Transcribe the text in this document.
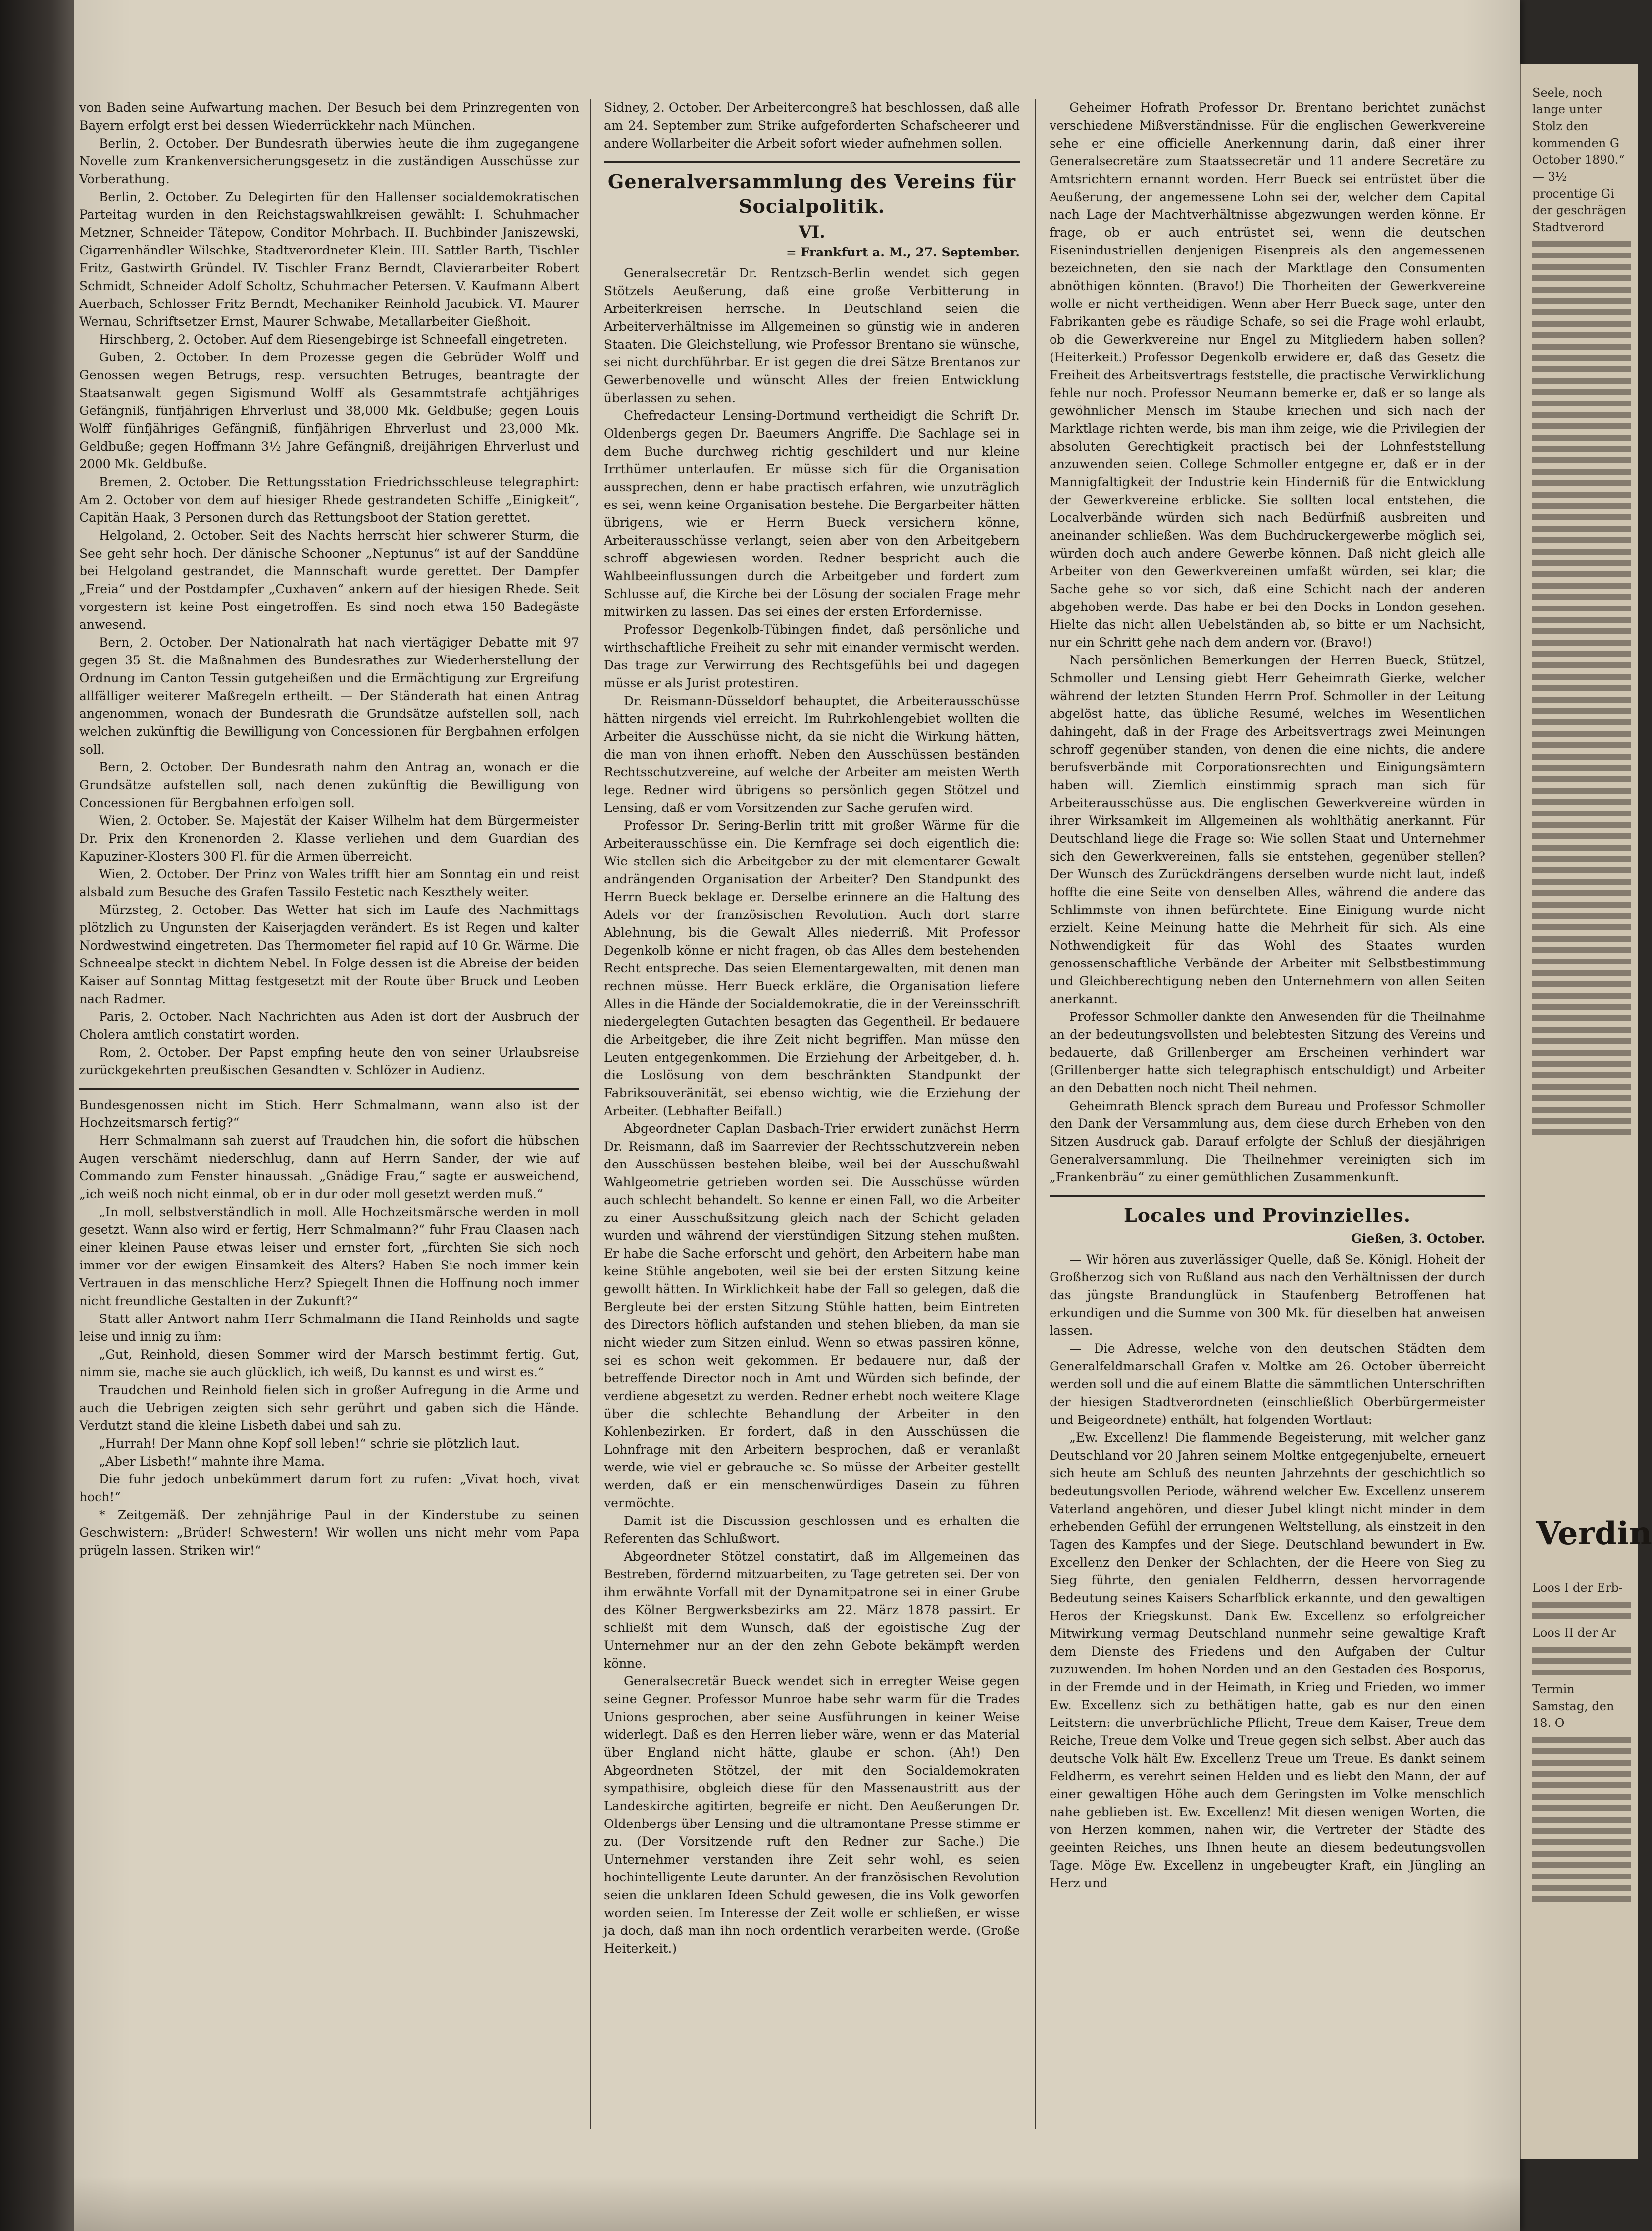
von Baden seine Aufwartung machen. Der Besuch bei dem Prinzregenten von Bayern erfolgt erst bei dessen Wiederrückkehr nach München.

Berlin, 2. October. Der Bundesrath überwies heute die ihm zugegangene Novelle zum Krankenversicherungsgesetz in die zuständigen Ausschüsse zur Vorberathung.

Berlin, 2. October. Zu Delegirten für den Hallenser socialdemokratischen Parteitag wurden in den Reichstagswahlkreisen gewählt: I. Schuhmacher Metzner, Schneider Tätерow, Conditor Mohrbach. II. Buchbinder Janiszewski, Cigarrenhändler Wilschke, Stadtverordneter Klein. III. Sattler Barth, Tischler Fritz, Gastwirth Gründel. IV. Tischler Franz Berndt, Clavierarbeiter Robert Schmidt, Schneider Adolf Scholtz, Schuhmacher Petersen. V. Kaufmann Albert Auerbach, Schlosser Fritz Berndt, Mechaniker Reinhold Jacubick. VI. Maurer Wernau, Schriftsetzer Ernst, Maurer Schwabe, Metallarbeiter Gießhoit.

Hirschberg, 2. October. Auf dem Riesengebirge ist Schneefall eingetreten.

Guben, 2. October. In dem Prozesse gegen die Gebrüder Wolff und Genossen wegen Betrugs, resp. versuchten Betruges, beantragte der Staatsanwalt gegen Sigismund Wolff als Gesammtstrafe achtjähriges Gefängniß, fünfjährigen Ehrverlust und 38,000 Mk. Geldbuße; gegen Louis Wolff fünfjähriges Gefängniß, fünfjährigen Ehrverlust und 23,000 Mk. Geldbuße; gegen Hoffmann 3½ Jahre Gefängniß, dreijährigen Ehrverlust und 2000 Mk. Geldbuße.

Bremen, 2. October. Die Rettungsstation Friedrichsschleuse telegraphirt: Am 2. October von dem auf hiesiger Rhede gestrandeten Schiffe „Einigkeit“, Capitän Haak, 3 Personen durch das Rettungsboot der Station gerettet.

Helgoland, 2. October. Seit des Nachts herrscht hier schwerer Sturm, die See geht sehr hoch. Der dänische Schooner „Neptunus“ ist auf der Sanddüne bei Helgoland gestrandet, die Mannschaft wurde gerettet. Der Dampfer „Freia“ und der Postdampfer „Cuxhaven“ ankern auf der hiesigen Rhede. Seit vorgestern ist keine Post eingetroffen. Es sind noch etwa 150 Badegäste anwesend.

Bern, 2. October. Der Nationalrath hat nach viertägiger Debatte mit 97 gegen 35 St. die Maßnahmen des Bundesrathes zur Wiederherstellung der Ordnung im Canton Tessin gutgeheißen und die Ermächtigung zur Ergreifung allfälliger weiterer Maßregeln ertheilt. — Der Ständerath hat einen Antrag angenommen, wonach der Bundesrath die Grundsätze aufstellen soll, nach welchen zukünftig die Bewilligung von Concessionen für Bergbahnen erfolgen soll.

Bern, 2. October. Der Bundesrath nahm den Antrag an, wonach er die Grundsätze aufstellen soll, nach denen zukünftig die Bewilligung von Concessionen für Bergbahnen erfolgen soll.

Wien, 2. October. Se. Majestät der Kaiser Wilhelm hat dem Bürgermeister Dr. Prix den Kronenorden 2. Klasse verliehen und dem Guardian des Kapuziner-Klosters 300 Fl. für die Armen überreicht.

Wien, 2. October. Der Prinz von Wales trifft hier am Sonntag ein und reist alsbald zum Besuche des Grafen Tassilo Festetic nach Keszthely weiter.

Mürzsteg, 2. October. Das Wetter hat sich im Laufe des Nachmittags plötzlich zu Ungunsten der Kaiserjagden verändert. Es ist Regen und kalter Nordwestwind eingetreten. Das Thermometer fiel rapid auf 10 Gr. Wärme. Die Schneealpe steckt in dichtem Nebel. In Folge dessen ist die Abreise der beiden Kaiser auf Sonntag Mittag festgesetzt mit der Route über Bruck und Leoben nach Radmer.

Paris, 2. October. Nach Nachrichten aus Aden ist dort der Ausbruch der Cholera amtlich constatirt worden.

Rom, 2. October. Der Papst empfing heute den von seiner Urlaubsreise zurückgekehrten preußischen Gesandten v. Schlözer in Audienz.

Bundesgenossen nicht im Stich. Herr Schmalmann, wann also ist der Hochzeitsmarsch fertig?“

Herr Schmalmann sah zuerst auf Traudchen hin, die sofort die hübschen Augen verschämt niederschlug, dann auf Herrn Sander, der wie auf Commando zum Fenster hinaussah. „Gnädige Frau,“ sagte er ausweichend, „ich weiß noch nicht einmal, ob er in dur oder moll gesetzt werden muß.“

„In moll, selbstverständlich in moll. Alle Hochzeitsmärsche werden in moll gesetzt. Wann also wird er fertig, Herr Schmalmann?“ fuhr Frau Claasen nach einer kleinen Pause etwas leiser und ernster fort, „fürchten Sie sich noch immer vor der ewigen Einsamkeit des Alters? Haben Sie noch immer kein Vertrauen in das menschliche Herz? Spiegelt Ihnen die Hoffnung noch immer nicht freundliche Gestalten in der Zukunft?“

Statt aller Antwort nahm Herr Schmalmann die Hand Reinholds und sagte leise und innig zu ihm:

„Gut, Reinhold, diesen Sommer wird der Marsch bestimmt fertig. Gut, nimm sie, mache sie auch glücklich, ich weiß, Du kannst es und wirst es.“

Traudchen und Reinhold fielen sich in großer Aufregung in die Arme und auch die Uebrigen zeigten sich sehr gerührt und gaben sich die Hände. Verdutzt stand die kleine Lisbeth dabei und sah zu.

„Hurrah! Der Mann ohne Kopf soll leben!“ schrie sie plötzlich laut.

„Aber Lisbeth!“ mahnte ihre Mama.

Die fuhr jedoch unbekümmert darum fort zu rufen: „Vivat hoch, vivat hoch!“

* Zeitgemäß. Der zehnjährige Paul in der Kinderstube zu seinen Geschwistern: „Brüder! Schwestern! Wir wollen uns nicht mehr vom Papa prügeln lassen. Striken wir!“

Sidney, 2. October. Der Arbeitercongreß hat beschlossen, daß alle am 24. September zum Strike aufgeforderten Schafscheerer und andere Wollarbeiter die Arbeit sofort wieder aufnehmen sollen.

Generalversammlung des Vereins für Socialpolitik.
VI.
= Frankfurt a. M., 27. September.

Generalsecretär Dr. Rentzsch-Berlin wendet sich gegen Stötzels Aeußerung, daß eine große Verbitterung in Arbeiterkreisen herrsche. In Deutschland seien die Arbeiterverhältnisse im Allgemeinen so günstig wie in anderen Staaten. Die Gleichstellung, wie Professor Brentano sie wünsche, sei nicht durchführbar. Er ist gegen die drei Sätze Brentanos zur Gewerbenovelle und wünscht Alles der freien Entwicklung überlassen zu sehen.

Chefredacteur Lensing-Dortmund vertheidigt die Schrift Dr. Oldenbergs gegen Dr. Baeumers Angriffe. Die Sachlage sei in dem Buche durchweg richtig geschildert und nur kleine Irrthümer unterlaufen. Er müsse sich für die Organisation aussprechen, denn er habe practisch erfahren, wie unzuträglich es sei, wenn keine Organisation bestehe. Die Bergarbeiter hätten übrigens, wie er Herrn Bueck versichern könne, Arbeiterausschüsse verlangt, seien aber von den Arbeitgebern schroff abgewiesen worden. Redner bespricht auch die Wahlbeeinflussungen durch die Arbeitgeber und fordert zum Schlusse auf, die Kirche bei der Lösung der socialen Frage mehr mitwirken zu lassen. Das sei eines der ersten Erfordernisse.

Professor Degenkolb-Tübingen findet, daß persönliche und wirthschaftliche Freiheit zu sehr mit einander vermischt werden. Das trage zur Verwirrung des Rechtsgefühls bei und dagegen müsse er als Jurist protestiren.

Dr. Reismann-Düsseldorf behauptet, die Arbeiterausschüsse hätten nirgends viel erreicht. Im Ruhrkohlengebiet wollten die Arbeiter die Ausschüsse nicht, da sie nicht die Wirkung hätten, die man von ihnen erhofft. Neben den Ausschüssen beständen Rechtsschutzvereine, auf welche der Arbeiter am meisten Werth lege. Redner wird übrigens so persönlich gegen Stötzel und Lensing, daß er vom Vorsitzenden zur Sache gerufen wird.

Professor Dr. Sering-Berlin tritt mit großer Wärme für die Arbeiterausschüsse ein. Die Kernfrage sei doch eigentlich die: Wie stellen sich die Arbeitgeber zu der mit elementarer Gewalt andrängenden Organisation der Arbeiter? Den Standpunkt des Herrn Bueck beklage er. Derselbe erinnere an die Haltung des Adels vor der französischen Revolution. Auch dort starre Ablehnung, bis die Gewalt Alles niederriß. Mit Professor Degenkolb könne er nicht fragen, ob das Alles dem bestehenden Recht entspreche. Das seien Elementargewalten, mit denen man rechnen müsse. Herr Bueck erkläre, die Organisation liefere Alles in die Hände der Socialdemokratie, die in der Vereinsschrift niedergelegten Gutachten besagten das Gegentheil. Er bedauere die Arbeitgeber, die ihre Zeit nicht begriffen. Man müsse den Leuten entgegenkommen. Die Erziehung der Arbeitgeber, d. h. die Loslösung von dem beschränkten Standpunkt der Fabriksouveränität, sei ebenso wichtig, wie die Erziehung der Arbeiter. (Lebhafter Beifall.)

Abgeordneter Caplan Dasbach-Trier erwidert zunächst Herrn Dr. Reismann, daß im Saarrevier der Rechtsschutzverein neben den Ausschüssen bestehen bleibe, weil bei der Ausschußwahl Wahlgeometrie getrieben worden sei. Die Ausschüsse würden auch schlecht behandelt. So kenne er einen Fall, wo die Arbeiter zu einer Ausschußsitzung gleich nach der Schicht geladen wurden und während der vierstündigen Sitzung stehen mußten. Er habe die Sache erforscht und gehört, den Arbeitern habe man keine Stühle angeboten, weil sie bei der ersten Sitzung keine gewollt hätten. In Wirklichkeit habe der Fall so gelegen, daß die Bergleute bei der ersten Sitzung Stühle hatten, beim Eintreten des Directors höflich aufstanden und stehen blieben, da man sie nicht wieder zum Sitzen einlud. Wenn so etwas passiren könne, sei es schon weit gekommen. Er bedauere nur, daß der betreffende Director noch in Amt und Würden sich befinde, der verdiene abgesetzt zu werden. Redner erhebt noch weitere Klage über die schlechte Behandlung der Arbeiter in den Kohlenbezirken. Er fordert, daß in den Ausschüssen die Lohnfrage mit den Arbeitern besprochen, daß er veranlaßt werde, wie viel er gebrauche ꝛc. So müsse der Arbeiter gestellt werden, daß er ein menschenwürdiges Dasein zu führen vermöchte.

Damit ist die Discussion geschlossen und es erhalten die Referenten das Schlußwort.

Abgeordneter Stötzel constatirt, daß im Allgemeinen das Bestreben, fördernd mitzuarbeiten, zu Tage getreten sei. Der von ihm erwähnte Vorfall mit der Dynamitpatrone sei in einer Grube des Kölner Bergwerksbezirks am 22. März 1878 passirt. Er schließt mit dem Wunsch, daß der egoistische Zug der Unternehmer nur an der den zehn Gebote bekämpft werden könne.

Generalsecretär Bueck wendet sich in erregter Weise gegen seine Gegner. Professor Munroe habe sehr warm für die Trades Unions gesprochen, aber seine Ausführungen in keiner Weise widerlegt. Daß es den Herren lieber wäre, wenn er das Material über England nicht hätte, glaube er schon. (Ah!) Den Abgeordneten Stötzel, der mit den Socialdemokraten sympathisire, obgleich diese für den Massenaustritt aus der Landeskirche agitirten, begreife er nicht. Den Aeußerungen Dr. Oldenbergs über Lensing und die ultramontane Presse stimme er zu. (Der Vorsitzende ruft den Redner zur Sache.) Die Unternehmer verstanden ihre Zeit sehr wohl, es seien hochintelligente Leute darunter. An der französischen Revolution seien die unklaren Ideen Schuld gewesen, die ins Volk geworfen worden seien. Im Interesse der Zeit wolle er schließen, er wisse ja doch, daß man ihn noch ordentlich verarbeiten werde. (Große Heiterkeit.)

Geheimer Hofrath Professor Dr. Brentano berichtet zunächst verschiedene Mißverständnisse. Für die englischen Gewerkvereine sehe er eine officielle Anerkennung darin, daß einer ihrer Generalsecretäre zum Staatssecretär und 11 andere Secretäre zu Amtsrichtern ernannt worden. Herr Bueck sei entrüstet über die Aeußerung, der angemessene Lohn sei der, welcher dem Capital nach Lage der Machtverhältnisse abgezwungen werden könne. Er frage, ob er auch entrüstet sei, wenn die deutschen Eisenindustriellen denjenigen Eisenpreis als den angemessenen bezeichneten, den sie nach der Marktlage den Consumenten abnöthigen könnten. (Bravo!) Die Thorheiten der Gewerkvereine wolle er nicht vertheidigen. Wenn aber Herr Bueck sage, unter den Fabrikanten gebe es räudige Schafe, so sei die Frage wohl erlaubt, ob die Gewerkvereine nur Engel zu Mitgliedern haben sollen? (Heiterkeit.) Professor Degenkolb erwidere er, daß das Gesetz die Freiheit des Arbeitsvertrags feststelle, die practische Verwirklichung fehle nur noch. Professor Neumann bemerke er, daß er so lange als gewöhnlicher Mensch im Staube kriechen und sich nach der Marktlage richten werde, bis man ihm zeige, wie die Privilegien der absoluten Gerechtigkeit practisch bei der Lohnfeststellung anzuwenden seien. College Schmoller entgegne er, daß er in der Mannigfaltigkeit der Industrie kein Hinderniß für die Entwicklung der Gewerkvereine erblicke. Sie sollten local entstehen, die Localverbände würden sich nach Bedürfniß ausbreiten und aneinander schließen. Was dem Buchdruckergewerbe möglich sei, würden doch auch andere Gewerbe können. Daß nicht gleich alle Arbeiter von den Gewerkvereinen umfaßt würden, sei klar; die Sache gehe so vor sich, daß eine Schicht nach der anderen abgehoben werde. Das habe er bei den Docks in London gesehen. Hielte das nicht allen Uebelständen ab, so bitte er um Nachsicht, nur ein Schritt gehe nach dem andern vor. (Bravo!)

Nach persönlichen Bemerkungen der Herren Bueck, Stützel, Schmoller und Lensing giebt Herr Geheimrath Gierke, welcher während der letzten Stunden Herrn Prof. Schmoller in der Leitung abgelöst hatte, das übliche Resumé, welches im Wesentlichen dahingeht, daß in der Frage des Arbeitsvertrags zwei Meinungen schroff gegenüber standen, von denen die eine nichts, die andere berufsverbände mit Corporationsrechten und Einigungsämtern haben will. Ziemlich einstimmig sprach man sich für Arbeiterausschüsse aus. Die englischen Gewerkvereine würden in ihrer Wirksamkeit im Allgemeinen als wohlthätig anerkannt. Für Deutschland liege die Frage so: Wie sollen Staat und Unternehmer sich den Gewerkvereinen, falls sie entstehen, gegenüber stellen? Der Wunsch des Zurückdrängens derselben wurde nicht laut, indeß hoffte die eine Seite von denselben Alles, während die andere das Schlimmste von ihnen befürchtete. Eine Einigung wurde nicht erzielt. Keine Meinung hatte die Mehrheit für sich. Als eine Nothwendigkeit für das Wohl des Staates wurden genossenschaftliche Verbände der Arbeiter mit Selbstbestimmung und Gleichberechtigung neben den Unternehmern von allen Seiten anerkannt.

Professor Schmoller dankte den Anwesenden für die Theilnahme an der bedeutungsvollsten und belebtesten Sitzung des Vereins und bedauerte, daß Grillenberger am Erscheinen verhindert war (Grillenberger hatte sich telegraphisch entschuldigt) und Arbeiter an den Debatten noch nicht Theil nehmen.

Geheimrath Blenck sprach dem Bureau und Professor Schmoller den Dank der Versammlung aus, dem diese durch Erheben von den Sitzen Ausdruck gab. Darauf erfolgte der Schluß der diesjährigen Generalversammlung. Die Theilnehmer vereinigten sich im „Frankenbräu“ zu einer gemüthlichen Zusammenkunft.

Locales und Provinzielles.
Gießen, 3. October.

— Wir hören aus zuverlässiger Quelle, daß Se. Königl. Hoheit der Großherzog sich von Rußland aus nach den Verhältnissen der durch das jüngste Brandunglück in Staufenberg Betroffenen hat erkundigen und die Summe von 300 Mk. für dieselben hat anweisen lassen.

— Die Adresse, welche von den deutschen Städten dem Generalfeldmarschall Grafen v. Moltke am 26. October überreicht werden soll und die auf einem Blatte die sämmtlichen Unterschriften der hiesigen Stadtverordneten (einschließlich Oberbürgermeister und Beigeordnete) enthält, hat folgenden Wortlaut:

„Ew. Excellenz! Die flammende Begeisterung, mit welcher ganz Deutschland vor 20 Jahren seinem Moltke entgegenjubelte, erneuert sich heute am Schluß des neunten Jahrzehnts der geschichtlich so bedeutungsvollen Periode, während welcher Ew. Excellenz unserem Vaterland angehören, und dieser Jubel klingt nicht minder in dem erhebenden Gefühl der errungenen Weltstellung, als einstzeit in den Tagen des Kampfes und der Siege. Deutschland bewundert in Ew. Excellenz den Denker der Schlachten, der die Heere von Sieg zu Sieg führte, den genialen Feldherrn, dessen hervorragende Bedeutung seines Kaisers Scharfblick erkannte, und den gewaltigen Heros der Kriegskunst. Dank Ew. Excellenz so erfolgreicher Mitwirkung vermag Deutschland nunmehr seine gewaltige Kraft dem Dienste des Friedens und den Aufgaben der Cultur zuzuwenden. Im hohen Norden und an den Gestaden des Bosporus, in der Fremde und in der Heimath, in Krieg und Frieden, wo immer Ew. Excellenz sich zu bethätigen hatte, gab es nur den einen Leitstern: die unverbrüchliche Pflicht, Treue dem Kaiser, Treue dem Reiche, Treue dem Volke und Treue gegen sich selbst. Aber auch das deutsche Volk hält Ew. Excellenz Treue um Treue. Es dankt seinem Feldherrn, es verehrt seinen Helden und es liebt den Mann, der auf einer gewaltigen Höhe auch dem Geringsten im Volke menschlich nahe geblieben ist. Ew. Excellenz! Mit diesen wenigen Worten, die von Herzen kommen, nahen wir, die Vertreter der Städte des geeinten Reiches, uns Ihnen heute an diesem bedeutungsvollen Tage. Möge Ew. Excellenz in ungebeugter Kraft, ein Jüngling an Herz und

Seele, noch lange unter
Stolz den kommenden G
October 1890.“
— 3½ procentige Gi
der geschrägen Stadtverord
Verdin
Loos I der Erb-
Loos II der Ar
Termin
Samstag, den 18. O
